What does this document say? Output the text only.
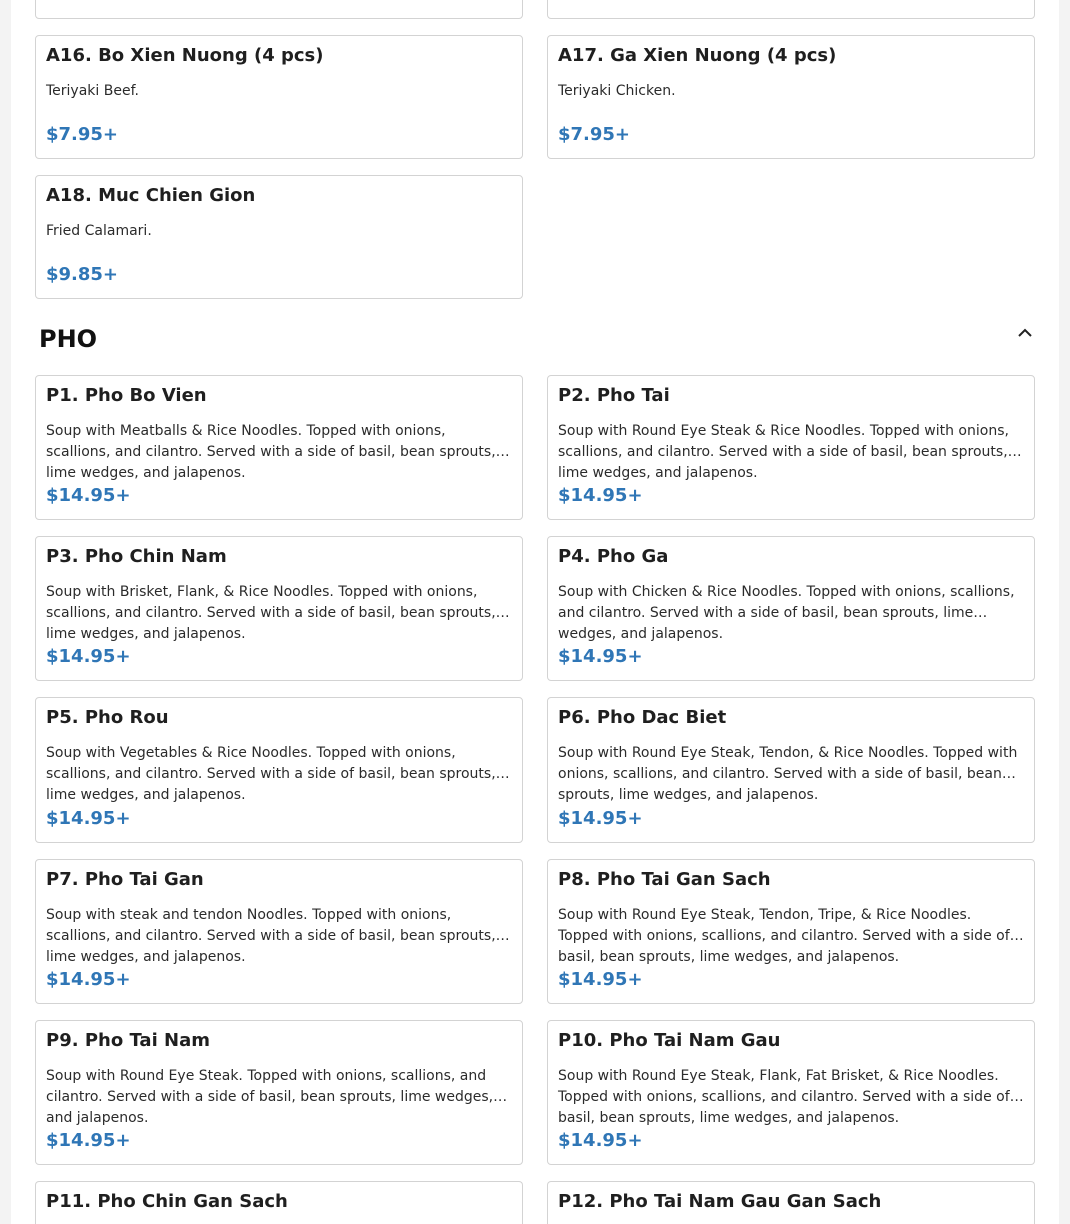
A16. Bo Xien Nuong (4 pcs)
Teriyaki Beef.
$7.95+
A17. Ga Xien Nuong (4 pcs)
Teriyaki Chicken.
$7.95+
A18. Muc Chien Gion
Fried Calamari.
$9.85+
PHO
P1. Pho Bo Vien
Soup with Meatballs & Rice Noodles. Topped with onions, scallions, and cilantro. Served with a side of basil, bean sprouts, lime wedges, and jalapenos.
$14.95+
P2. Pho Tai
Soup with Round Eye Steak & Rice Noodles. Topped with onions, scallions, and cilantro. Served with a side of basil, bean sprouts, lime wedges, and jalapenos.
$14.95+
P3. Pho Chin Nam
Soup with Brisket, Flank, & Rice Noodles. Topped with onions, scallions, and cilantro. Served with a side of basil, bean sprouts, lime wedges, and jalapenos.
$14.95+
P4. Pho Ga
Soup with Chicken & Rice Noodles. Topped with onions, scallions, and cilantro. Served with a side of basil, bean sprouts, lime wedges, and jalapenos.
$14.95+
P5. Pho Rou
Soup with Vegetables & Rice Noodles. Topped with onions, scallions, and cilantro. Served with a side of basil, bean sprouts, lime wedges, and jalapenos.
$14.95+
P6. Pho Dac Biet
Soup with Round Eye Steak, Tendon, & Rice Noodles. Topped with onions, scallions, and cilantro. Served with a side of basil, bean sprouts, lime wedges, and jalapenos.
$14.95+
P7. Pho Tai Gan
Soup with steak and tendon Noodles. Topped with onions, scallions, and cilantro. Served with a side of basil, bean sprouts, lime wedges, and jalapenos.
$14.95+
P8. Pho Tai Gan Sach
Soup with Round Eye Steak, Tendon, Tripe, & Rice Noodles. Topped with onions, scallions, and cilantro. Served with a side of basil, bean sprouts, lime wedges, and jalapenos.
$14.95+
P9. Pho Tai Nam
Soup with Round Eye Steak. Topped with onions, scallions, and cilantro. Served with a side of basil, bean sprouts, lime wedges, and jalapenos.
$14.95+
P10. Pho Tai Nam Gau
Soup with Round Eye Steak, Flank, Fat Brisket, & Rice Noodles. Topped with onions, scallions, and cilantro. Served with a side of basil, bean sprouts, lime wedges, and jalapenos.
$14.95+
P11. Pho Chin Gan Sach	P12. Pho Tai Nam Gau Gan Sach
